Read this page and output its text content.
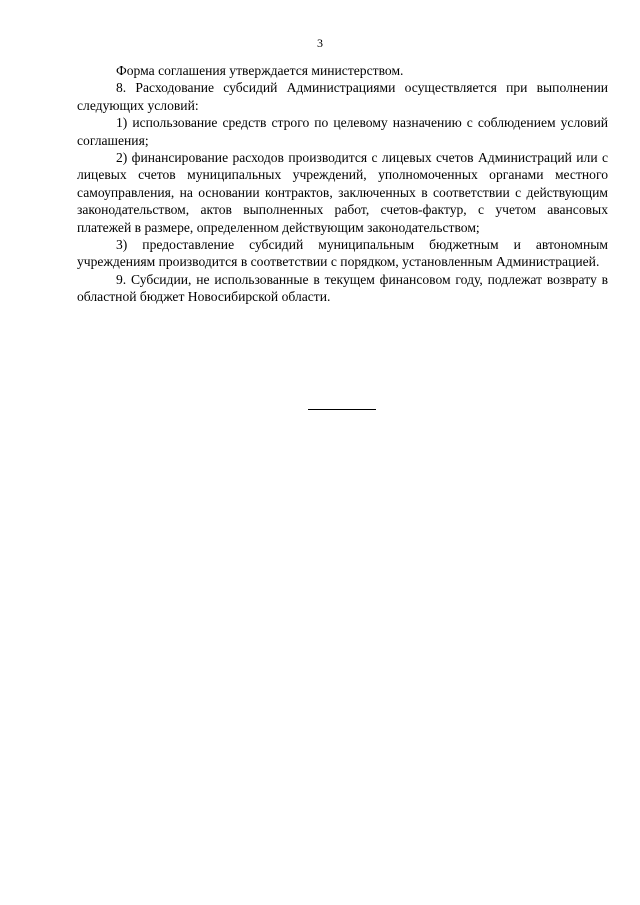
3

Форма соглашения утверждается министерством.

8. Расходование субсидий Администрациями осуществляется при выполнении следующих условий:

1) использование средств строго по целевому назначению с соблюдением условий соглашения;

2) финансирование расходов производится с лицевых счетов Администраций или с лицевых счетов муниципальных учреждений, уполномоченных органами местного самоуправления, на основании контрактов, заключенных в соответствии с действующим законодательством, актов выполненных работ, счетов-фактур, с учетом авансовых платежей в размере, определенном действующим законодательством;

3) предоставление субсидий муниципальным бюджетным и автономным учреждениям производится в соответствии с порядком, установленным Администрацией.

9. Субсидии, не использованные в текущем финансовом году, подлежат возврату в областной бюджет Новосибирской области.
